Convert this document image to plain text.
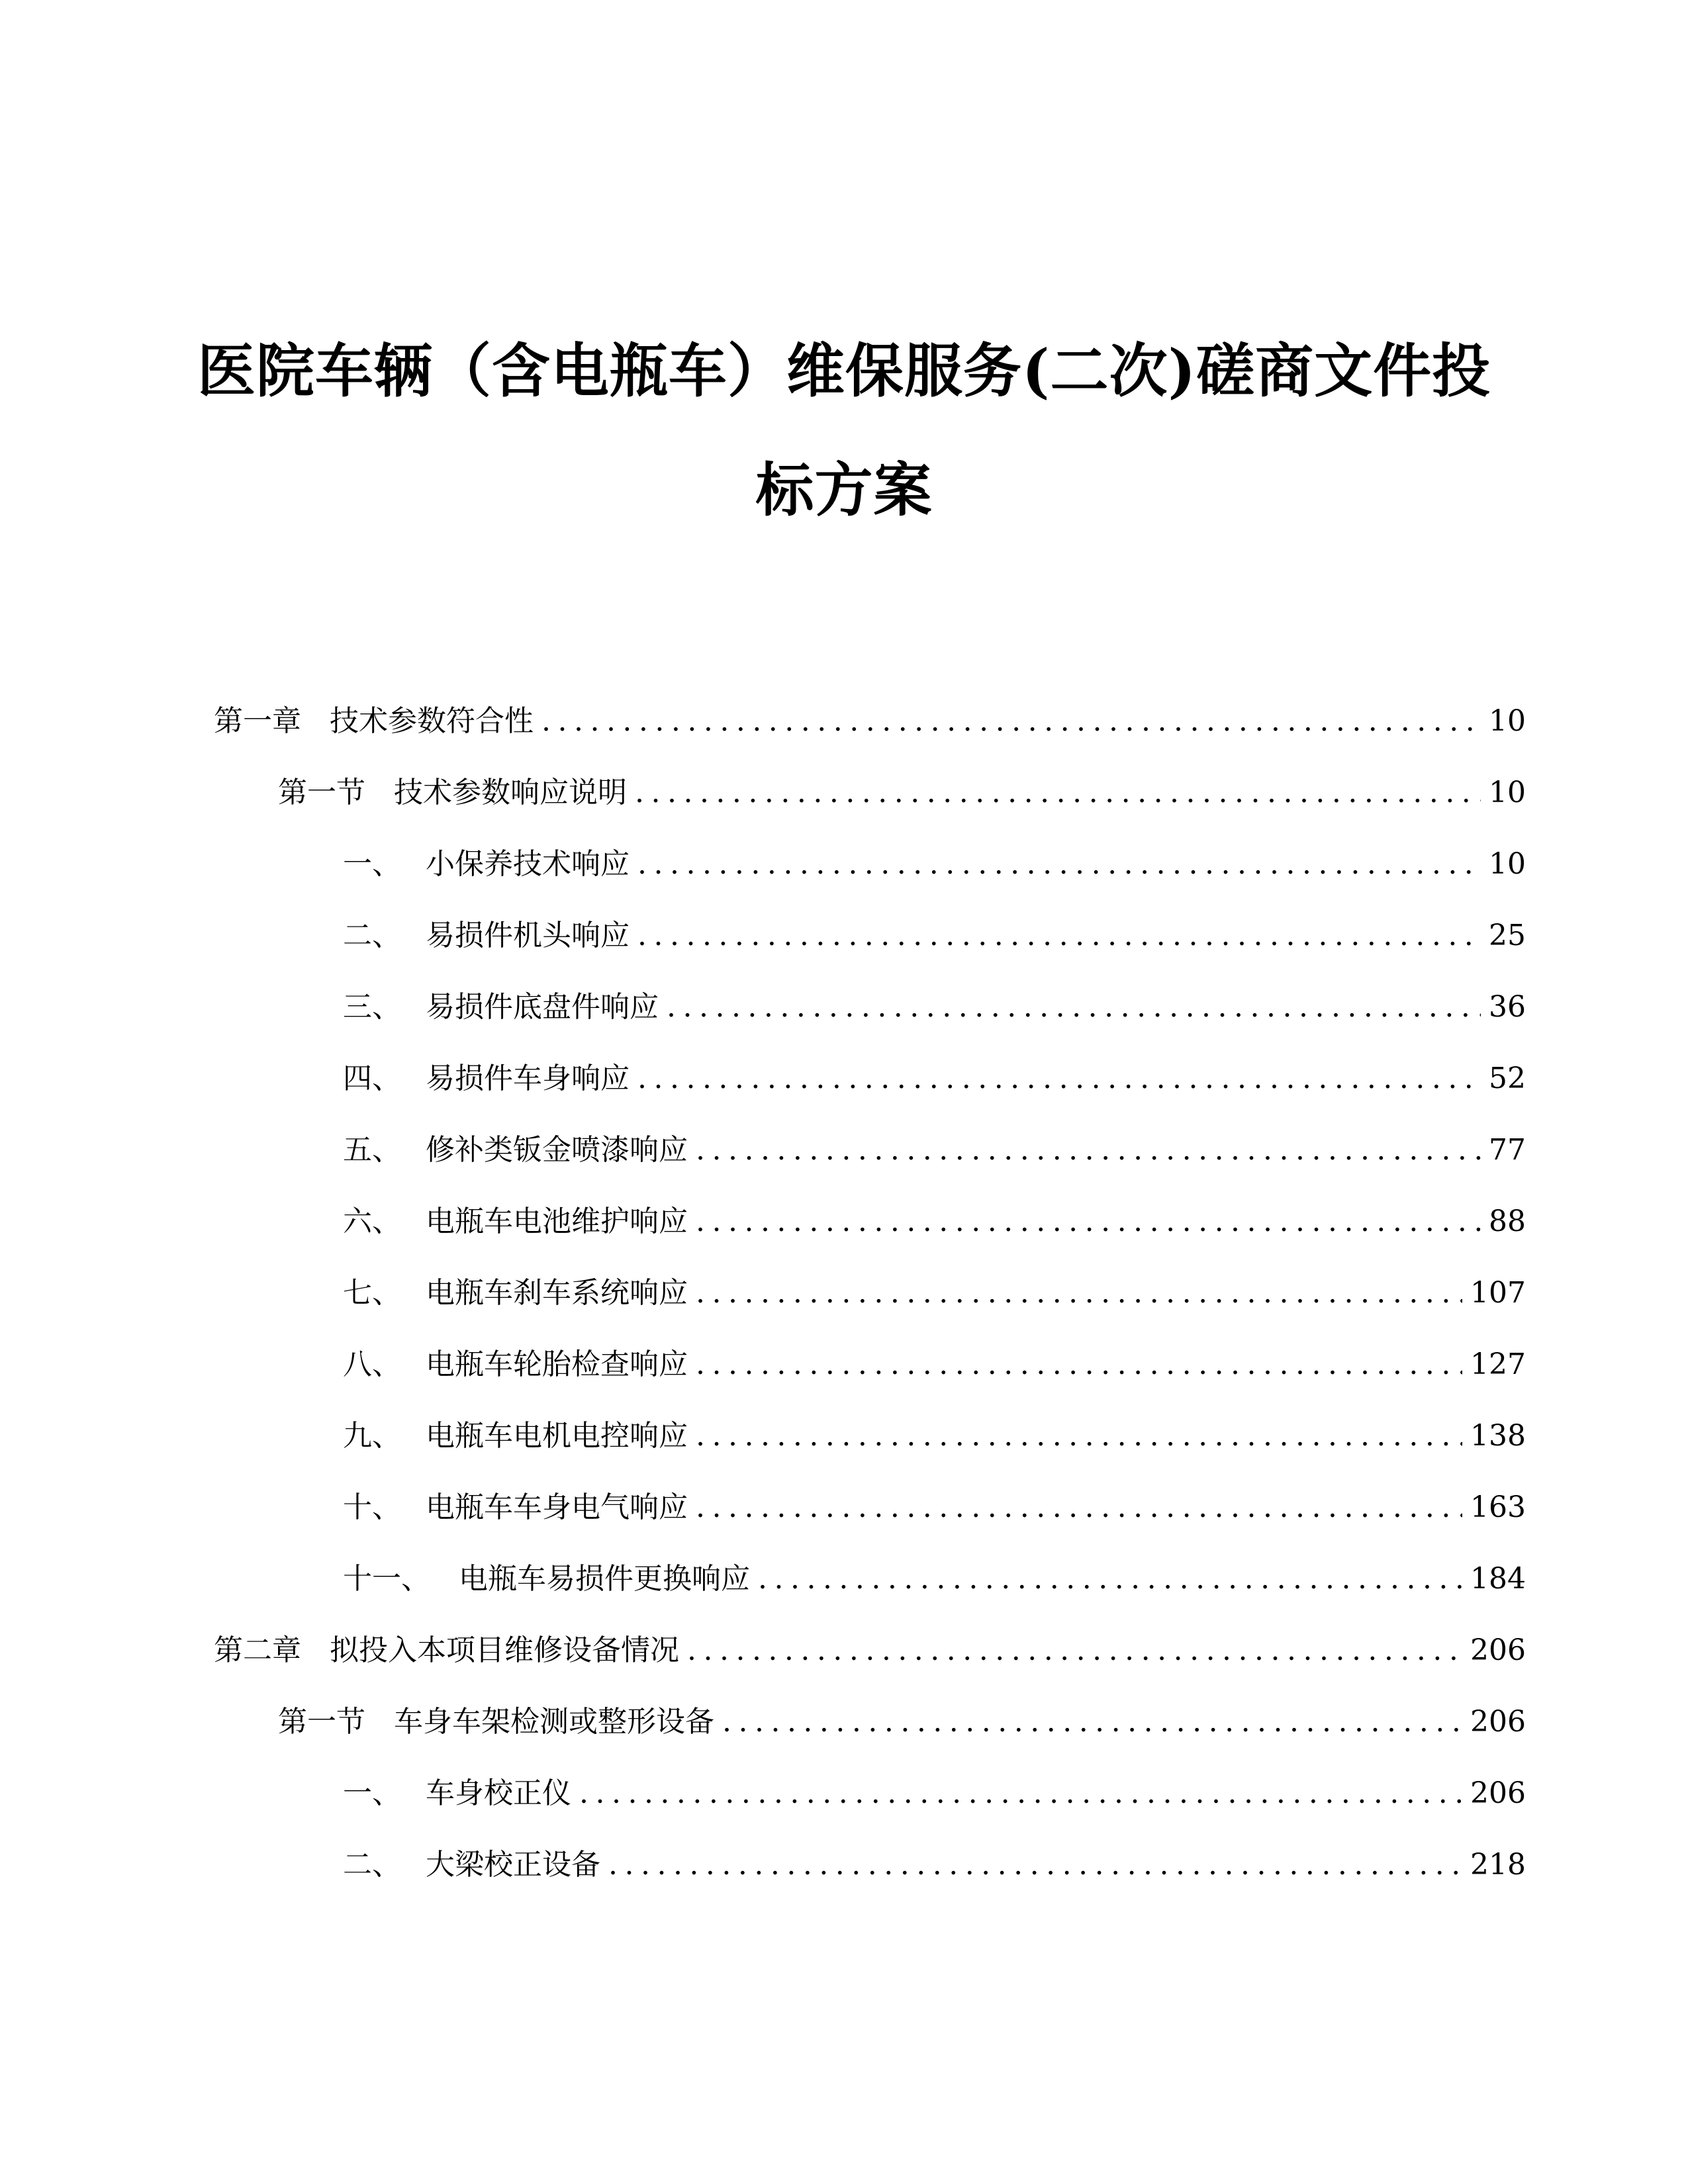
医院车辆（含电瓶车）维保服务(二次)磋商文件投
标方案
第一章 技术参数符合性 .....	10
第一节 技术参数响应说明 .....	10
一、 小保养技术响应 .....	10
二、 易损件机头响应 .....	25
三、 易损件底盘件响应 .....	36
四、 易损件车身响应 .....	52
五、 修补类钣金喷漆响应 .....	77
六、 电瓶车电池维护响应 .....	88
七、 电瓶车刹车系统响应 .....	107
八、 电瓶车轮胎检查响应 .....	127
九、 电瓶车电机电控响应 .....	138
十、 电瓶车车身电气响应 .....	163
十一、 电瓶车易损件更换响应 .....	184
第二章 拟投入本项目维修设备情况 .....	206
第一节 车身车架检测或整形设备 .....	206
一、 车身校正仪 .....	206
二、 大梁校正设备 .....	218
